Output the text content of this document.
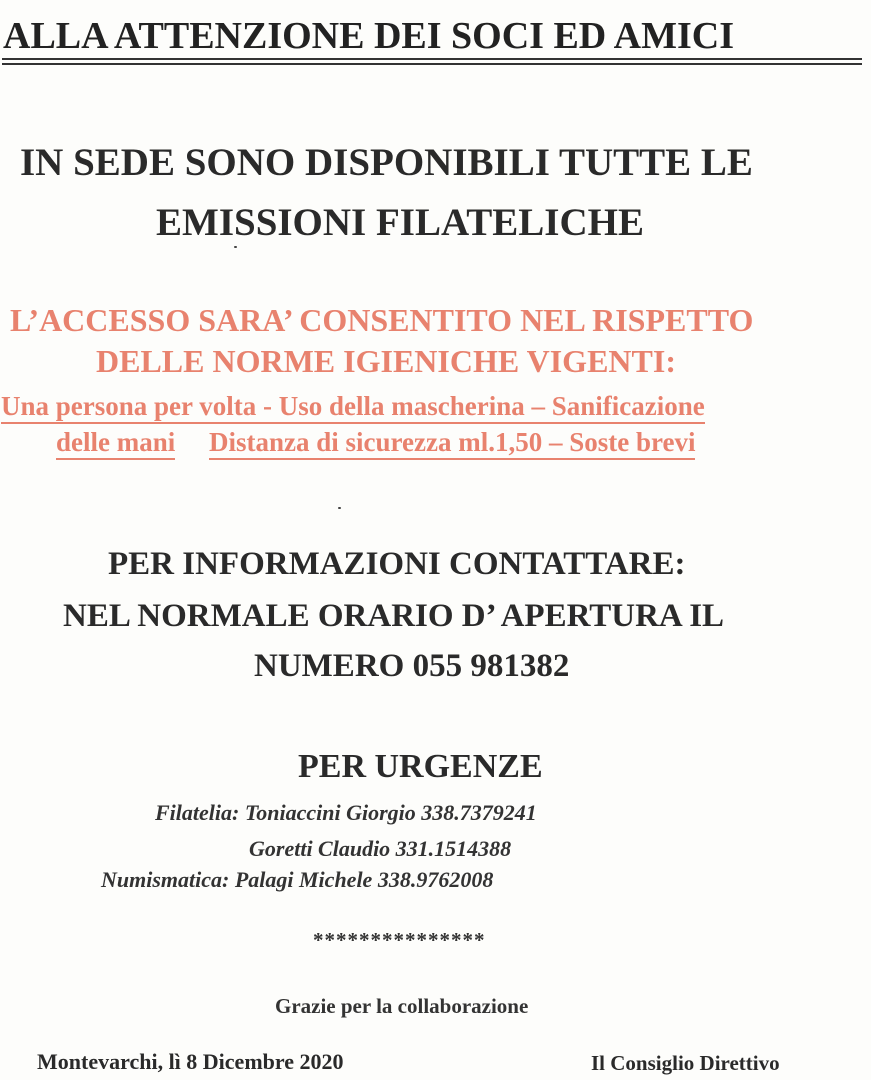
ALLA ATTENZIONE DEI SOCI ED AMICI
IN SEDE SONO DISPONIBILI TUTTE LE
EMISSIONI FILATELICHE
L’ACCESSO SARA’ CONSENTITO NEL RISPETTO
DELLE NORME IGIENICHE VIGENTI:
Una persona per volta - Uso della mascherina – Sanificazione
delle mani Distanza di sicurezza ml.1,50 – Soste brevi
PER INFORMAZIONI CONTATTARE:
NEL NORMALE ORARIO D’ APERTURA IL
NUMERO 055 981382
PER URGENZE
Filatelia: Toniaccini Giorgio 338.7379241
Goretti Claudio 331.1514388
Numismatica: Palagi Michele 338.9762008
***************
Grazie per la collaborazione
Montevarchi, lì 8 Dicembre 2020	Il Consiglio Direttivo
